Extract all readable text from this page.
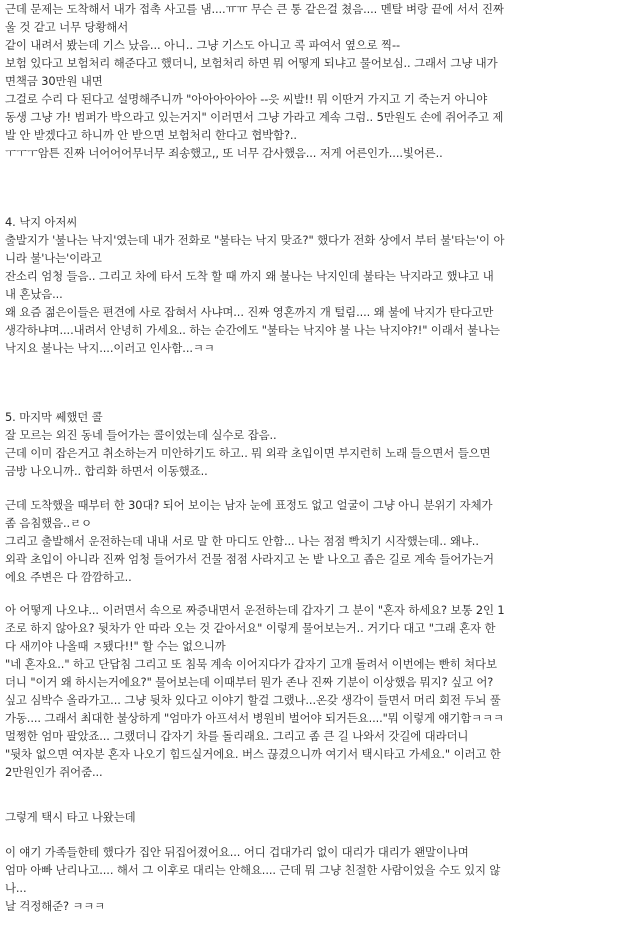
근데 문제는 도착해서 내가 접촉 사고를 냄....ㅠㅠ 무슨 큰 통 같은걸 쳤음.... 멘탈 벼랑 끝에 서서 진짜
울 것 같고 너무 당황해서
같이 내려서 봤는데 기스 났음... 아니.. 그냥 기스도 아니고 콕 파여서 옆으로 찍--
보험 있다고 보험처리 해준다고 했더니, 보험처리 하면 뭐 어떻게 되냐고 물어보심.. 그래서 그냥 내가
면책금 30만원 내면
그걸로 수리 다 된다고 설명해주니까 "아아아아아아 --읏 씨발!! 뭐 이딴거 가지고 기 죽는거 아니야
동생 그냥 가! 범퍼가 박으라고 있는거지" 이러면서 그냥 가라고 계속 그럼.. 5만원도 손에 쥐어주고 제
발 안 받겠다고 하니까 안 받으면 보험처리 한다고 협박함?..
ㅜㅜㅜ암튼 진짜 너어어어무너무 죄송했고,, 또 너무 감사했음... 저게 어른인가....빛어른..
4. 낙지 아저씨
출발지가 '불나는 낙지'였는데 내가 전화로 "불타는 낙지 맞죠?" 했다가 전화 상에서 부터 불'타는'이 아
니라 불'나는'이라고
잔소리 엄청 들음.. 그리고 차에 타서 도착 할 때 까지 왜 불나는 낙지인데 불타는 낙지라고 했냐고 내
내 혼났음...
왜 요즘 젊은이들은 편견에 사로 잡혀서 사냐며... 진짜 영혼까지 개 털림.... 왜 불에 낙지가 탄다고만
생각하냐며....내려서 안녕히 가세요.. 하는 순간에도 "불타는 낙지야 불 나는 낙지야?!" 이래서 불나는
낙지요 불나는 낙지....이러고 인사함...ㅋㅋ
5. 마지막 쎄했던 콜
잘 모르는 외진 동네 들어가는 콜이었는데 실수로 잡음..
근데 이미 잡은거고 취소하는거 미안하기도 하고.. 뭐 외곽 초입이면 부지런히 노래 들으면서 들으면
금방 나오니까.. 합리화 하면서 이동했죠..
근데 도착했을 때부터 한 30대? 되어 보이는 남자 눈에 표정도 없고 얼굴이 그냥 아니 분위기 자체가
좀 음침했음..ㄹㅇ
그리고 출발해서 운전하는데 내내 서로 말 한 마디도 안함... 나는 점점 빡치기 시작했는데.. 왜냐..
외곽 초입이 아니라 진짜 엄청 들어가서 건물 점점 사라지고 논 밭 나오고 좁은 길로 계속 들어가는거
에요 주변은 다 깜깜하고..
아 어떻게 나오냐... 이러면서 속으로 짜증내면서 운전하는데 갑자기 그 분이 "혼자 하세요? 보통 2인 1
조로 하지 않아요? 뒷차가 안 따라 오는 것 같아서요" 이렇게 물어보는거.. 거기다 대고 "그래 혼자 한
다 새끼야 나올때 ㅈ됐다!!" 할 수는 없으니까
"네 혼자요.." 하고 단답침 그리고 또 침묵 계속 이어지다가 갑자기 고개 돌려서 이번에는 빤히 쳐다보
더니 "이거 왜 하시는거에요?" 물어보는데 이때부터 뭔가 존나 진짜 기분이 이상했음 뭐지? 싶고 어?
싶고 심박수 올라가고... 그냥 뒷차 있다고 이야기 할걸 그랬나...온갖 생각이 들면서 머리 회전 두뇌 풀
가동.... 그래서 최대한 불상하게 "엄마가 아프셔서 병원비 벌어야 되거든요...."뭐 이렇게 얘기함ㅋㅋㅋ
멀쩡한 엄마 팔았죠... 그랬더니 갑자기 차를 돌리래요. 그리고 좀 큰 길 나와서 갓길에 대라더니
"뒷차 없으면 여자분 혼자 나오기 힘드실거에요. 버스 끊겼으니까 여기서 택시타고 가세요." 이러고 한
2만원인가 쥐어줌...
그렇게 택시 타고 나왔는데
이 얘기 가족들한테 했다가 집안 뒤집어졌어요... 어디 겁대가리 없이 대리가 대리가 왠말이나며
엄마 아빠 난리나고.... 해서 그 이후로 대리는 안해요.... 근데 뭐 그냥 친절한 사람이었을 수도 있지 않
나...
날 걱정해준? ㅋㅋㅋ
